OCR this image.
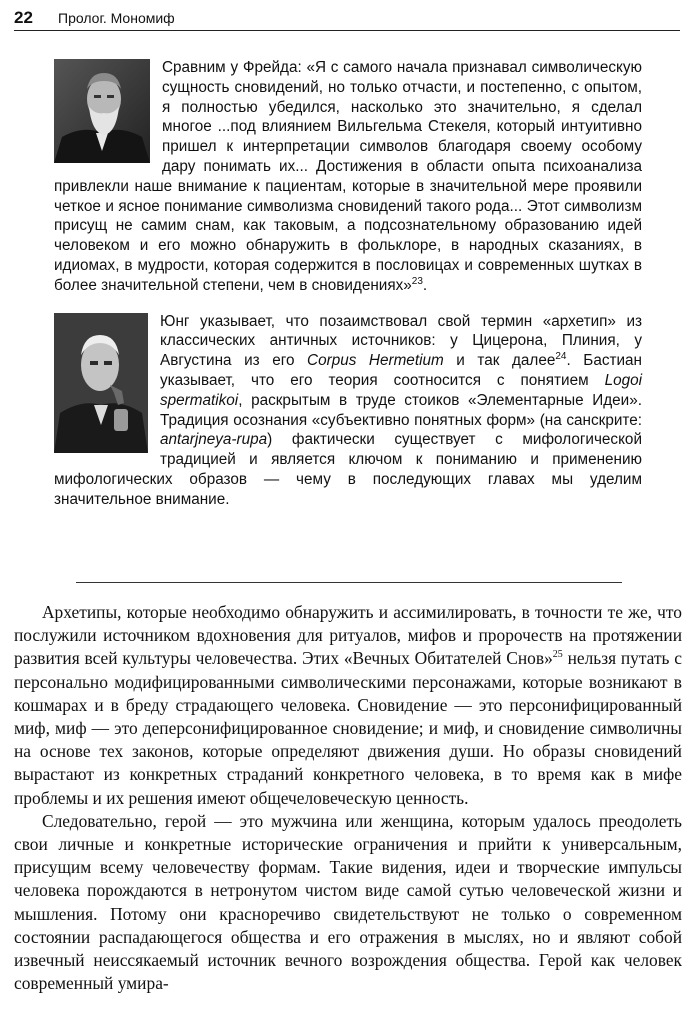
22 Пролог. Мономиф

Сравним у Фрейда: «Я с самого начала признавал символическую сущность сновидений, но только отчасти, и постепенно, с опытом, я полностью убедился, насколько это значительно, я сделал многое ...под влиянием Вильгельма Стекеля, который интуитивно пришел к интерпретации символов благодаря своему особому дару понимать их... Достижения в области опыта психоанализа привлекли наше внимание к пациентам, которые в значительной мере проявили четкое и ясное понимание символизма сновидений такого рода... Этот символизм присущ не самим снам, как таковым, а подсознательному образованию идей человеком и его можно обнаружить в фольклоре, в народных сказаниях, в идиомах, в мудрости, которая содержится в пословицах и современных шутках в более значительной степени, чем в сновидениях»$^{23}$.

Юнг указывает, что позаимствовал свой термин «архетип» из классических античных источников: у Цицерона, Плиния, у Августина из его Corpus Hermetium и так далее$^{24}$. Бастиан указывает, что его теория соотносится с понятием Logoi spermatikoi, раскрытым в труде стоиков «Элементарные Идеи». Традиция осознания «субъективно понятных форм» (на санскрите: antarjneya-rupa) фактически существует с мифологической традицией и является ключом к пониманию и применению мифологических образов — чему в последующих главах мы уделим значительное внимание.

Архетипы, которые необходимо обнаружить и ассимилировать, в точности те же, что послужили источником вдохновения для ритуалов, мифов и пророчеств на протяжении развития всей культуры человечества. Этих «Вечных Обитателей Снов»$^{25}$ нельзя путать с персонально модифицированными символическими персонажами, которые возникают в кошмарах и в бреду страдающего человека. Сновидение — это персонифицированный миф, миф — это деперсонифицированное сновидение; и миф, и сновидение символичны на основе тех законов, которые определяют движения души. Но образы сновидений вырастают из конкретных страданий конкретного человека, в то время как в мифе проблемы и их решения имеют общечеловеческую ценность.

Следовательно, герой — это мужчина или женщина, которым удалось преодолеть свои личные и конкретные исторические ограничения и прийти к универсальным, присущим всему человечеству формам. Такие видения, идеи и творческие импульсы человека порождаются в нетронутом чистом виде самой сутью человеческой жизни и мышления. Потому они красноречиво свидетельствуют не только о современном состоянии распадающегося общества и его отражения в мыслях, но и являют собой извечный неиссякаемый источник вечного возрождения общества. Герой как человек современный умира-
